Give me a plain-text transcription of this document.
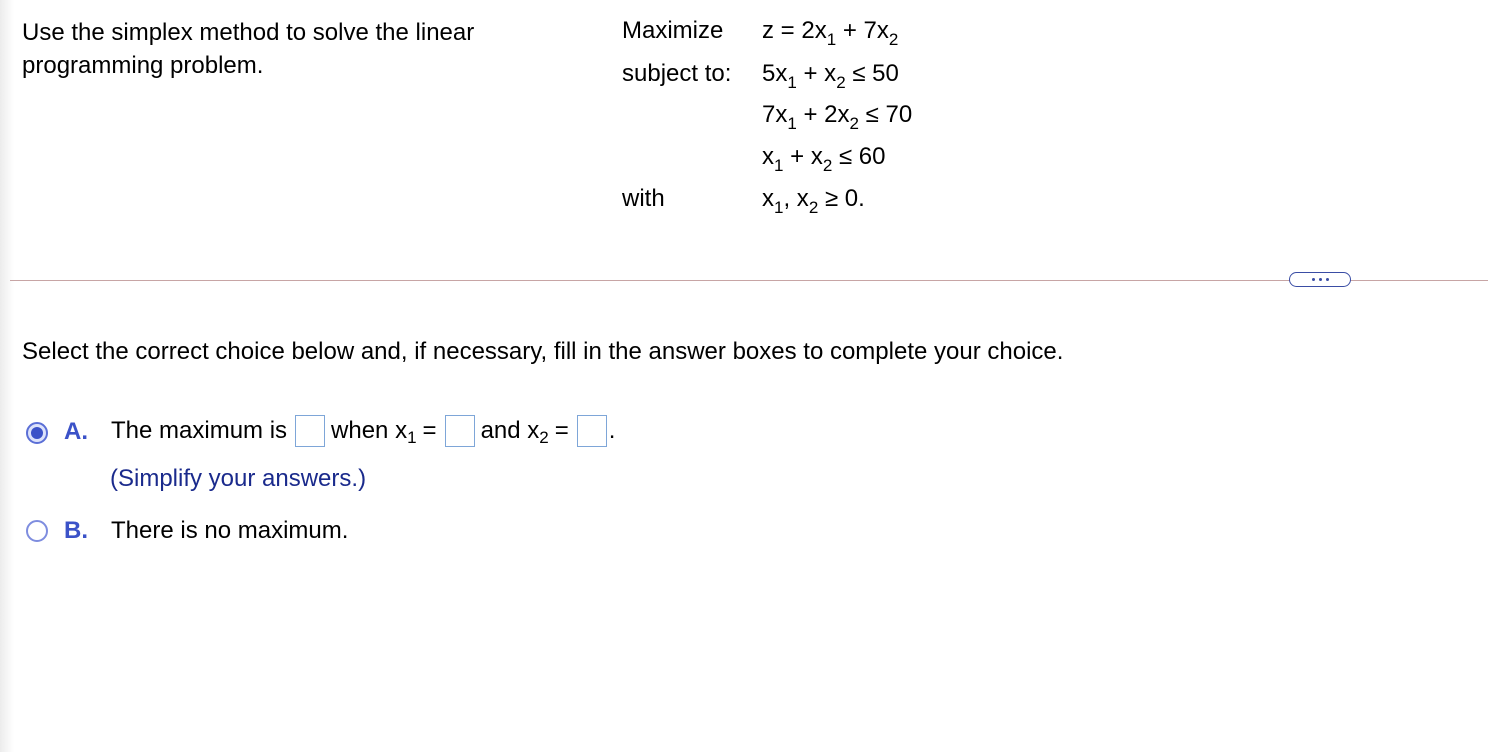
Use the simplex method to solve the linear
programming problem.
Maximize $z = 2x_1 + 7x_2$
subject to: $5x_1 + x_2 \le 50$
$7x_1 + 2x_2 \le 70$
$x_1 + x_2 \le 60$
with	$x_1$, $x_2 \ge 0$.
Select the correct choice below and, if necessary, fill in the answer boxes to complete your choice.
A. The maximum is when x 1 = and x 2 = .
(Simplify your answers.)
B. There is no maximum.
